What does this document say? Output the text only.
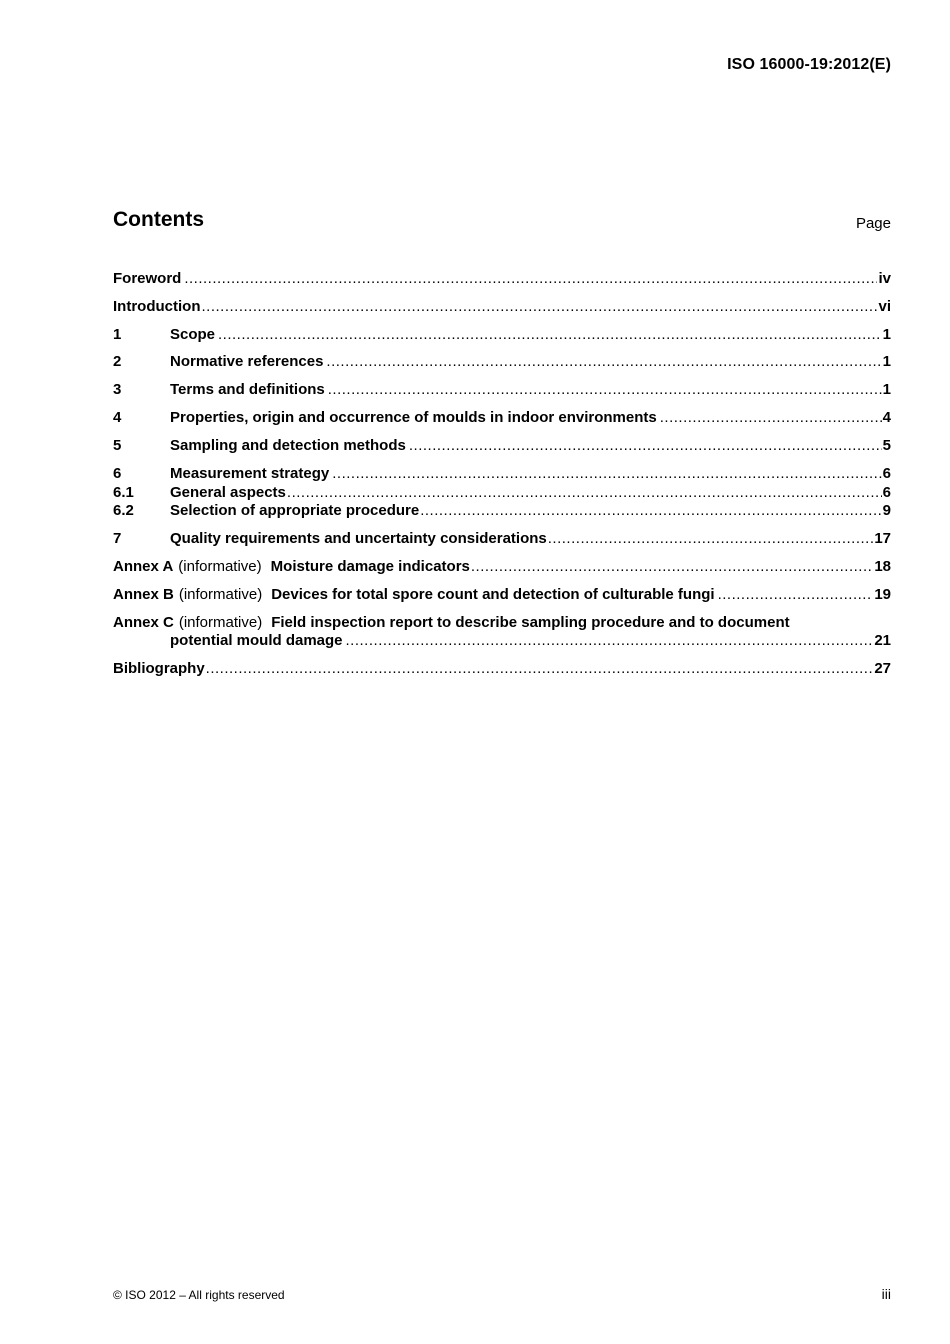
ISO 16000-19:2012(E)
Contents	Page
Foreword .....	iv
Introduction .....	vi
1	Scope .....	1
2	Normative references .....	1
3	Terms and definitions .....	1
4	Properties, origin and occurrence of moulds in indoor environments .....	4
5	Sampling and detection methods .....	5
6	Measurement strategy .....	6
6.1	General aspects .....	6
6.2	Selection of appropriate procedure .....	9
7	Quality requirements and uncertainty considerations .....	17
Annex A (informative) Moisture damage indicators .....	18
Annex B (informative) Devices for total spore count and detection of culturable fungi .....	19
Annex C (informative) Field inspection report to describe sampling procedure and to document
potential mould damage .....	21
Bibliography .....	27
© ISO 2012 – All rights reserved	iii
